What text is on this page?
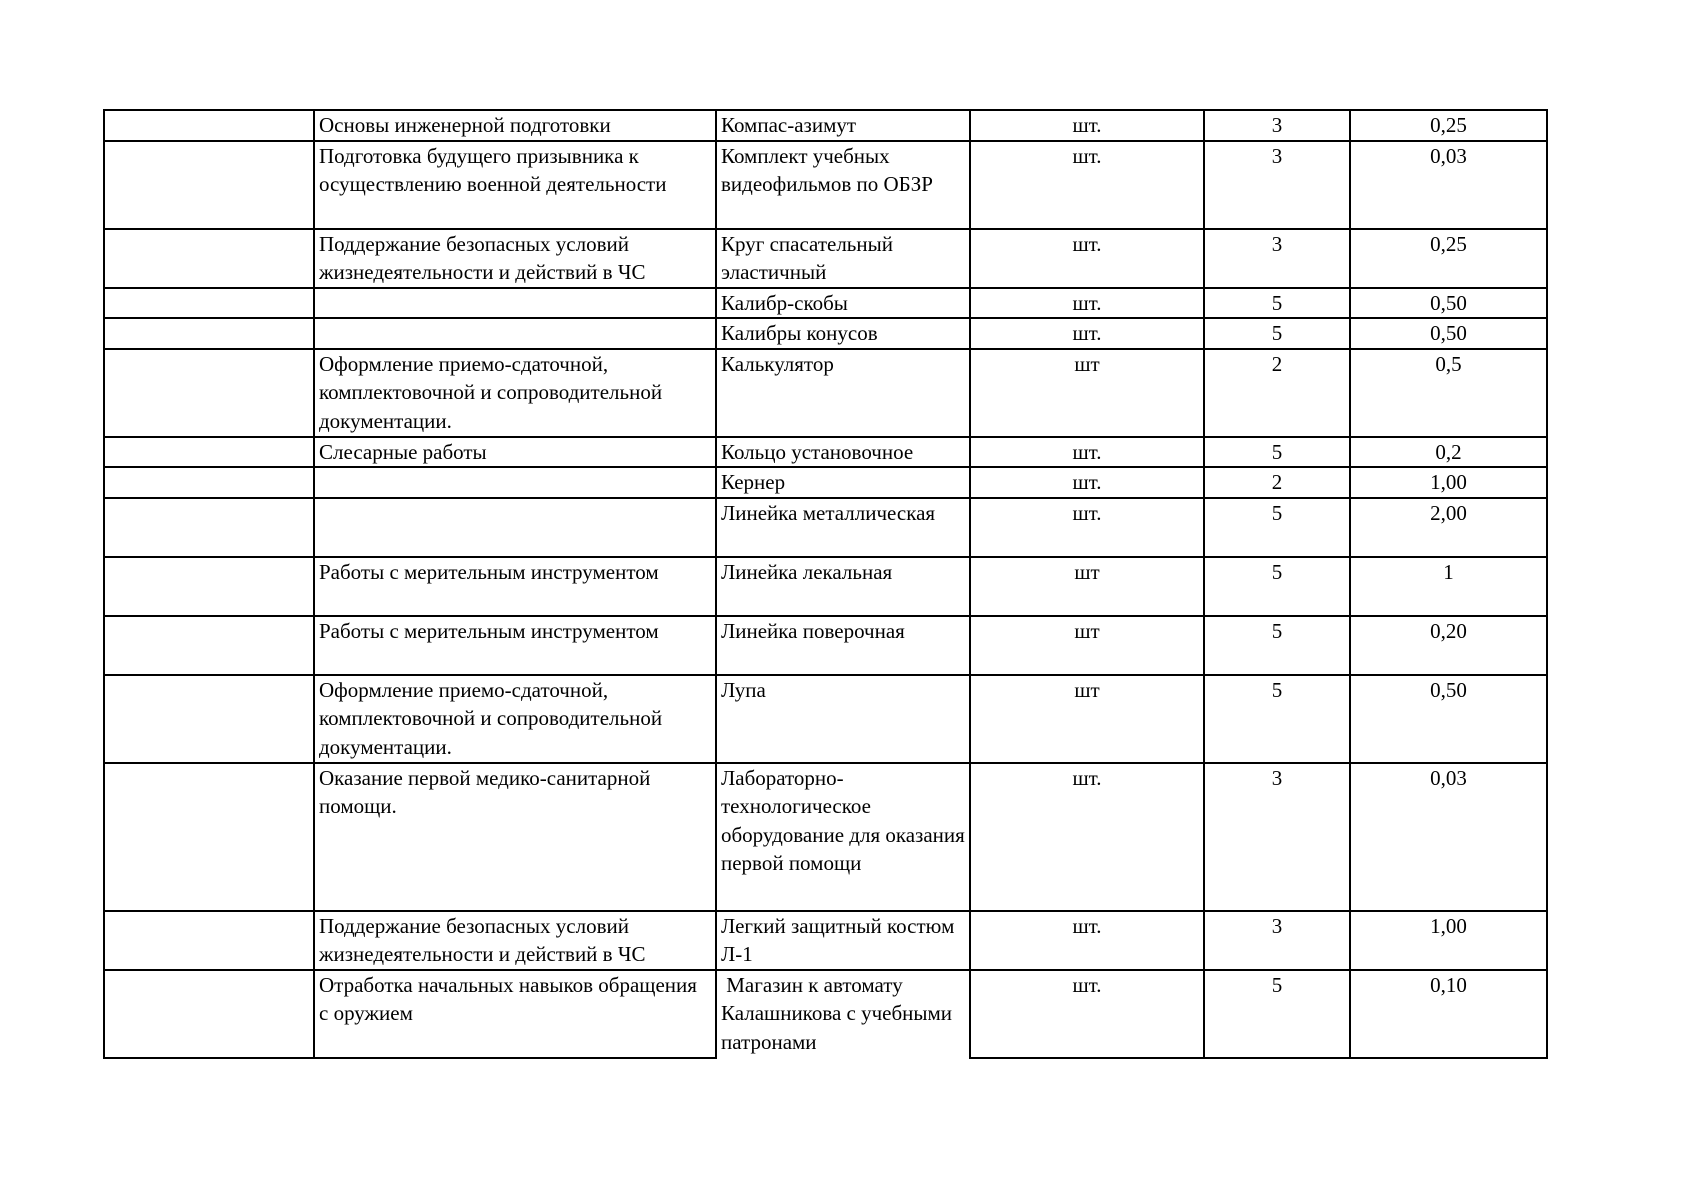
	Основы инженерной подготовки	Компас-азимут	шт.	3	0,25
	Подготовка будущего призывника к осуществлению военной деятельности	Комплект учебных видеофильмов по ОБЗР	шт.	3	0,03
	Поддержание безопасных условий жизнедеятельности и действий в ЧС	Круг спасательный эластичный	шт.	3	0,25
		Калибр-скобы	шт.	5	0,50
		Калибры конусов	шт.	5	0,50
	Оформление приемо-сдаточной, комплектовочной и сопроводительной документации.	Калькулятор	шт	2	0,5
	Слесарные работы	Кольцо установочное	шт.	5	0,2
		Кернер	шт.	2	1,00
		Линейка металлическая	шт.	5	2,00
	Работы с мерительным инструментом	Линейка лекальная	шт	5	1
	Работы с мерительным инструментом	Линейка поверочная	шт	5	0,20
	Оформление приемо-сдаточной, комплектовочной и сопроводительной документации.	Лупа	шт	5	0,50
	Оказание первой медико-санитарной помощи.	Лабораторно-технологическое оборудование для оказания первой помощи	шт.	3	0,03
	Поддержание безопасных условий жизнедеятельности и действий в ЧС	Легкий защитный костюм Л-1	шт.	3	1,00
	Отработка начальных навыков обращения с оружием	Магазин к автомату Калашникова с учебными патронами	шт.	5	0,10
